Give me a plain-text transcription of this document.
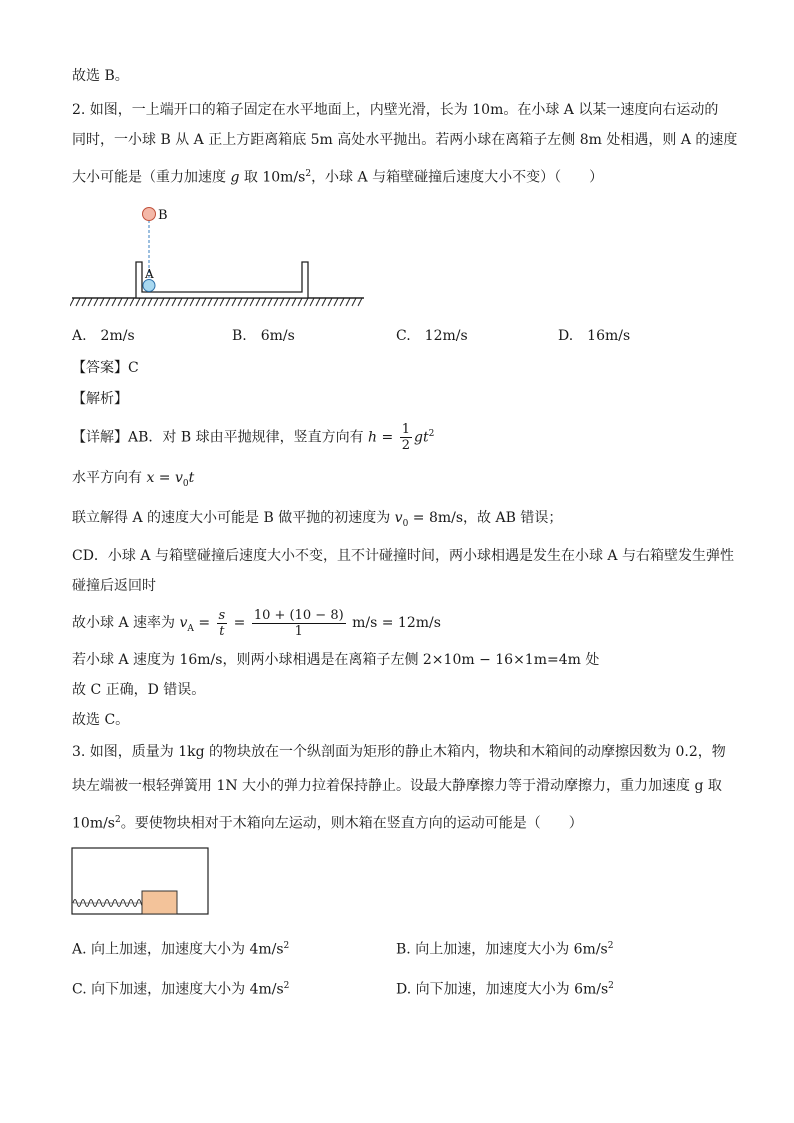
故选 B。
2. 如图，一上端开口的箱子固定在水平地面上，内壁光滑，长为 10m。在小球 A 以某一速度向右运动的
同时，一小球 B 从 A 正上方距离箱底 5m 高处水平抛出。若两小球在离箱子左侧 8m 处相遇，则 A 的速度
大小可能是（重力加速度 g 取 $10m/s^2$，小球 A 与箱壁碰撞后速度大小不变）（　　）
B
A
A.　2m/s	B.　6m/s	C.　12m/s	D.　16m/s
【答案】C
【解析】
【详解】AB．对 B 球由平抛规律，竖直方向有 $h = \frac{1}{2} gt^2$
水平方向有 $x = v_0t$
联立解得 A 的速度大小可能是 B 做平抛的初速度为 $v_0 = 8m/s$，故 AB 错误；
CD．小球 A 与箱壁碰撞后速度大小不变，且不计碰撞时间，两小球相遇是发生在小球 A 与右箱壁发生弹性
碰撞后返回时
故小球 A 速率为 $v_A = \frac{s}{t} = \frac{10 + (10 - 8)}{1} m/s = 12m/s$
若小球 A 速度为 16m/s，则两小球相遇是在离箱子左侧 2×10m − 16×1m=4m 处
故 C 正确，D 错误。
故选 C。
3. 如图，质量为 1kg 的物块放在一个纵剖面为矩形的静止木箱内，物块和木箱间的动摩擦因数为 0.2，物
块左端被一根轻弹簧用 1N 大小的弹力拉着保持静止。设最大静摩擦力等于滑动摩擦力，重力加速度 g 取
$10m/s^2$。要使物块相对于木箱向左运动，则木箱在竖直方向的运动可能是（　　）
A. 向上加速，加速度大小为 $4m/s^2$	B. 向上加速，加速度大小为 $6m/s^2$
C. 向下加速，加速度大小为 $4m/s^2$	D. 向下加速，加速度大小为 $6m/s^2$
